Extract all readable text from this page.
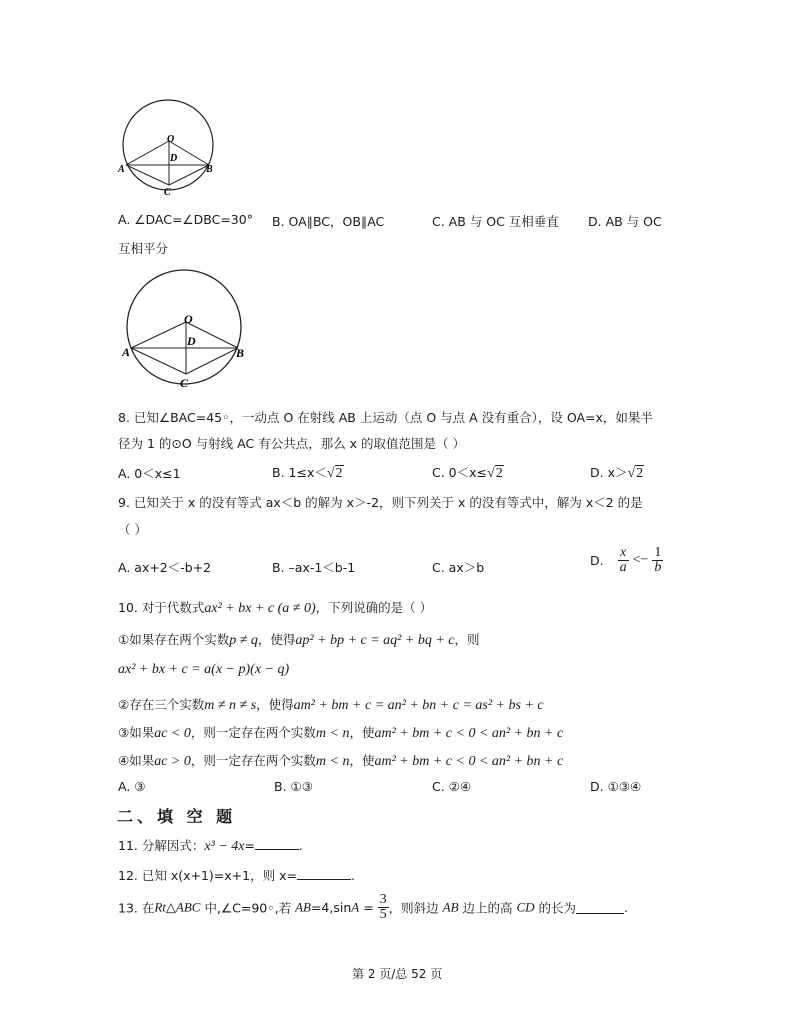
O
D
A	B
C
A. ∠DAC=∠DBC=30° B. OA∥BC，OB∥AC	C. AB 与 OC 互相垂直 D. AB 与 OC
互相平分
O
D
A	B
C
8. 已知∠BAC=45◦，一动点 O 在射线 AB 上运动（点 O 与点 A 没有重合），设 OA=x，如果半
径为 1 的⊙O 与射线 AC 有公共点，那么 x 的取值范围是（ ）
A. 0＜x≤1	B. 1≤x＜√2	C. 0＜x≤√2	D. x＞√2
9. 已知关于 x 的没有等式 ax＜b 的解为 x＞-2，则下列关于 x 的没有等式中，解为 x＜2 的是
（ ）
A. ax+2＜-b+2	B. –ax-1＜b-1	C. ax＞b	D. $\frac{x}{a} <- \frac{1}{b}$
10. 对于代数式ax² + bx + c (a ≠ 0)，下列说确的是（ ）
①如果存在两个实数p ≠ q，使得ap² + bp + c = aq² + bq + c，则
ax² + bx + c = a(x − p)(x − q)
②存在三个实数m ≠ n ≠ s，使得am² + bm + c = an² + bn + c = as² + bs + c
③如果ac < 0，则一定存在两个实数m < n，使am² + bm + c < 0 < an² + bn + c
④如果ac > 0，则一定存在两个实数m < n，使am² + bm + c < 0 < an² + bn + c
A. ③	B. ①③	C. ②④	D. ①③④
二、填 空 题
11. 分解因式：x³ − 4x=	.
12. 已知 x(x+1)=x+1，则 x=	.
13. 在Rt△ABC 中,∠C=90◦,若 $AB=4,\sin A = \frac{3}{5}$ ，则斜边 AB 边上的高 CD 的长为	.
第 2 页/总 52 页
